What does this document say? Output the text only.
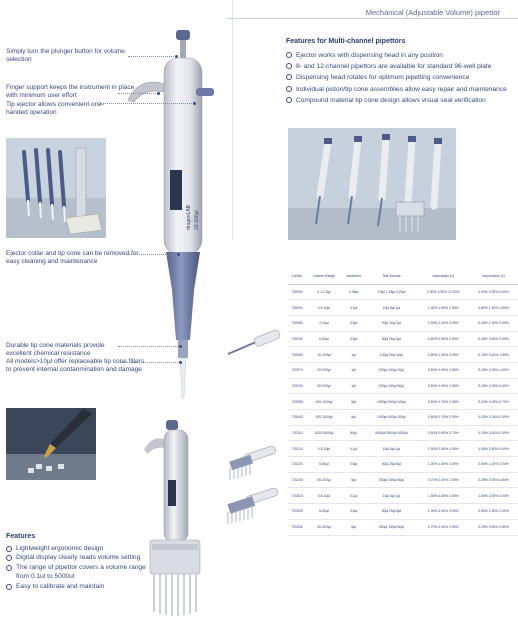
Mechanical (Adjustable Volume) pipettor
dragonLAB 20-200µl
Simply turn the plunger button for volume selection
Finger support keeps the instrument in place with minimum user effort
Tip ejector allows convenient one-handed operation
Ejector collar and tip cone can be removed for easy cleaning and maintenance
Durable tip cone materials provide excellent chemical resistance
All models>10µl offer replaceable tip cone filters to prevent internal contanmination and damage
Features for Multi-channel pipettors
Ejector works with dispensing head in any position
8- and 12-channel pipettors are available for standard 96-well plate
Dispensing head rotates for optimum pipetting convenience
Individual piston/tip cone assemblies allow easy repair and maintenance
Compound material tip cone design allows visual seal verification
Cat.No.	Volume Range	Increment	Test Volume	Inaccuracy (±)	Imprecision (±)
720000	0.1-2.5µl	0.05µl	2.5µl 1.25µl 0.25µl	2.50% 3.00% 12.00%	2.00% 3.00% 6.00%
720003	0.5-10µl	0.1µl	10µl 5µl 1µl	1.00% 1.50% 2.50%	0.80% 1.50% 1.50%
720060	2-20µl	0.5µl	20µl 10µl 2µl	0.90% 1.20% 3.00%	0.40% 1.00% 2.00%
720030	5-50µl	0.5µl	50µl 25µl 5µl	0.60% 0.90% 2.00%	0.30% 0.60% 2.00%
720050	10-100µl	1µl	100µl 50µl 10µl	0.80% 1.00% 3.00%	0.15% 0.40% 1.50%
720070	20-200µl	1µl	200µl 100µl 20µl	0.60% 0.90% 2.50%	0.15% 0.30% 1.00%
720033	50-200µl	1µl	200µl 100µl 50µl	0.60% 0.90% 1.00%	0.15% 0.30% 0.40%
720080	100-1000µl	5µl	1000µl 500µl 100µl	0.60% 0.70% 2.00%	0.20% 0.25% 0.70%
720043	200-1000µl	5µl	1000µl 500µl 200µl	0.60% 0.70% 0.90%	0.20% 0.25% 0.30%
720110	1000-5000µl	50µl	5000µl 2500µl 1000µl	0.50% 0.60% 0.70%	0.15% 0.30% 0.30%
720210	0.5-10µl	0.1µl	10µl 5µl 1µl	1.50% 2.50% 4.00%	1.50% 2.50% 4.00%
720220	5-50µl	0.5µl	50µl 25µl 5µl	1.00% 1.50% 3.00%	0.50% 1.00% 2.00%
720240	50-300µl	5µl	300µl 150µl 50µl	0.70% 1.00% 1.50%	0.25% 0.50% 0.80%
720310	0.5-10µl	0.1µl	10µl 5µl 1µl	1.50% 2.50% 4.00%	1.50% 2.50% 4.00%
720320	5-50µl	0.5µl	50µl 25µl 5µl	1.00% 1.50% 3.00%	0.50% 1.00% 2.00%
720340	50-300µl	5µl	300µl 150µl 50µl	0.70% 1.00% 1.50%	0.25% 0.50% 0.80%
Features
Lightweight ergonomic design
Digital display clearly reads volume setting
The range of pipettor covers a volume range from 0.1ul to 5000ul
Easy to calibrate and maintain
